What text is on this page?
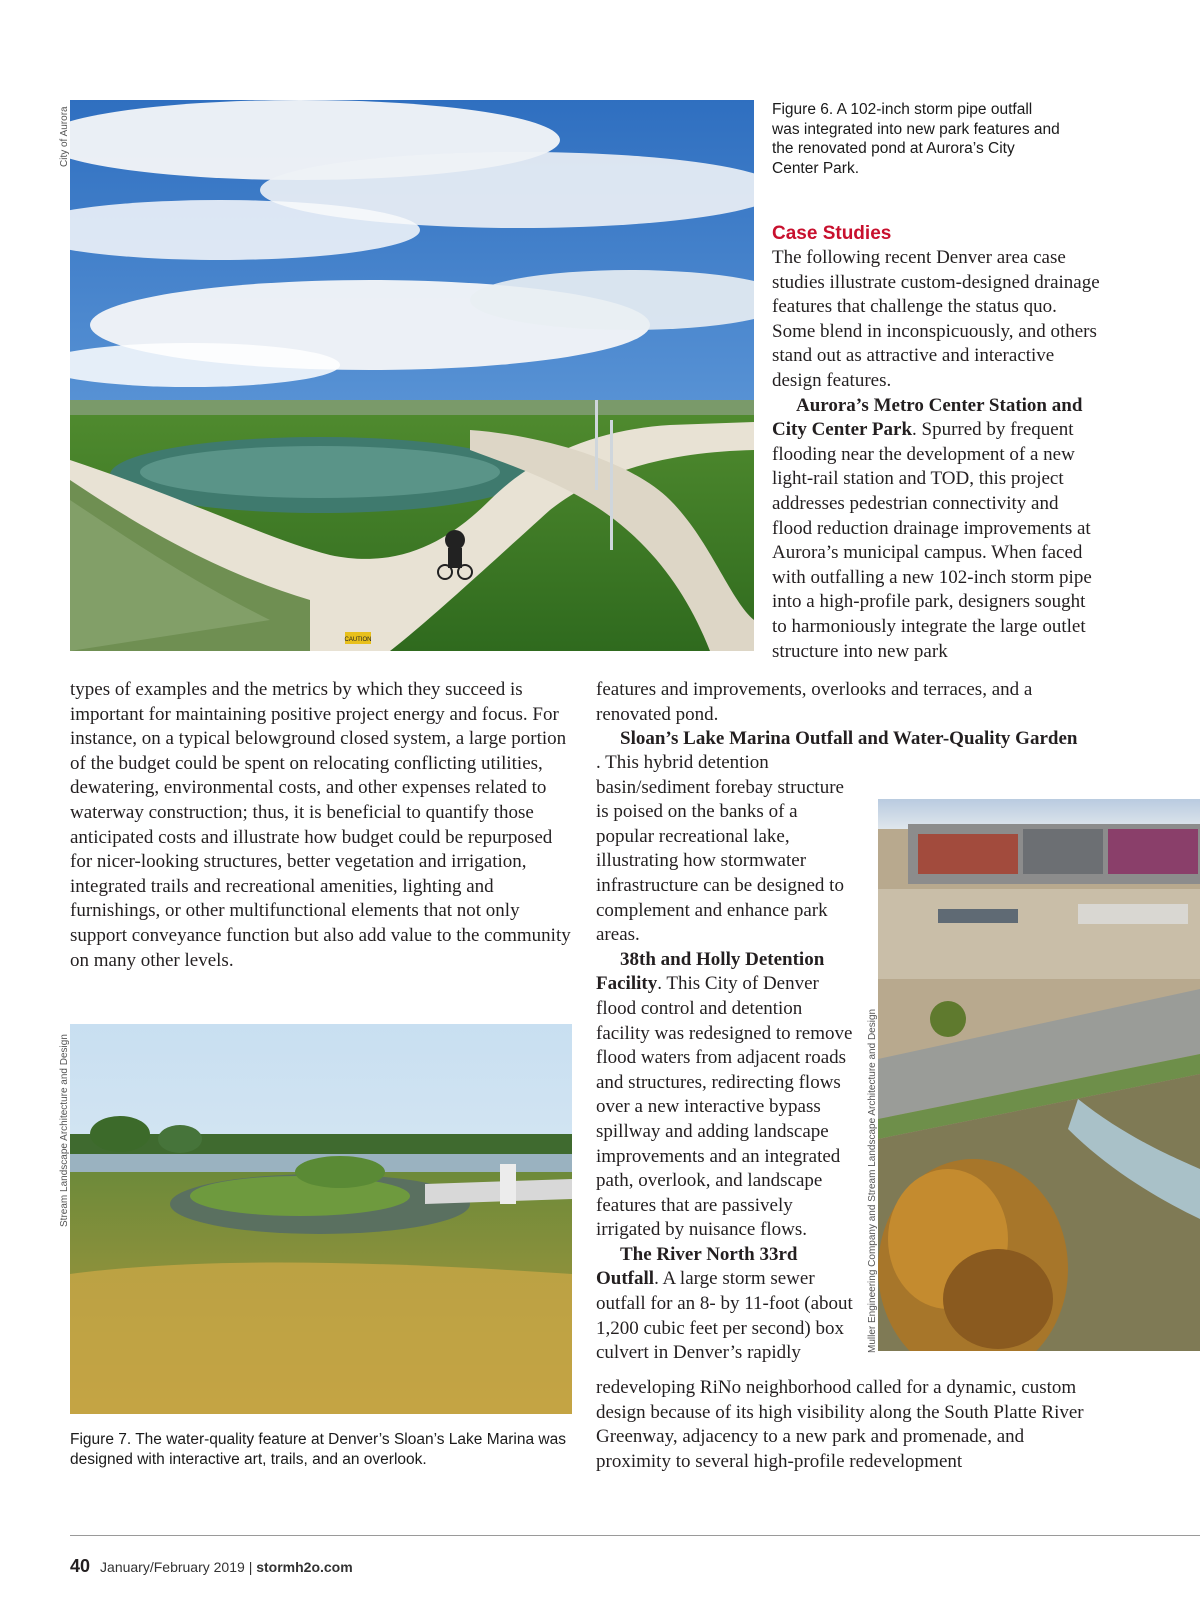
City of Aurora
Stream Landscape Architecture and Design	Muller Engineering Company and Stream Landscape Architecture and Design
CAUTION
Figure 6. A 102-inch storm pipe outfall was integrated into new park features and the renovated pond at Aurora’s City Center Park.
Case Studies

The following recent Denver area case studies illustrate custom-designed drainage features that challenge the status quo. Some blend in inconspicuously, and others stand out as attractive and interactive design features.

Aurora’s Metro Center Station and City Center Park. Spurred by frequent flooding near the development of a new light-rail station and TOD, this project addresses pedestrian connectivity and flood reduction drainage improvements at Aurora’s municipal campus. When faced with outfalling a new 102-inch storm pipe into a high-profile park, designers sought to harmoniously integrate the large outlet structure into new park

types of examples and the metrics by which they succeed is important for maintaining positive project energy and focus. For instance, on a typical belowground closed system, a large portion of the budget could be spent on relocating conflicting utilities, dewatering, environmental costs, and other expenses related to waterway construction; thus, it is beneficial to quantify those anticipated costs and illustrate how budget could be repurposed for nicer-looking structures, better vegetation and irrigation, integrated trails and recreational amenities, lighting and furnishings, or other multifunctional elements that not only support conveyance function but also add value to the community on many other levels.

features and improvements, overlooks and terraces, and a renovated pond.

Sloan’s Lake Marina Outfall and Water-Quality Garden

. This hybrid detention basin/sediment forebay structure is poised on the banks of a popular recreational lake, illustrating how stormwater infrastructure can be designed to complement and enhance park areas.

38th and Holly Detention Facility. This City of Denver flood control and detention facility was redesigned to remove flood waters from adjacent roads and structures, redirecting flows over a new interactive bypass spillway and adding landscape improvements and an integrated path, overlook, and landscape features that are passively irrigated by nuisance flows.

The River North 33rd Outfall. A large storm sewer outfall for an 8- by 11-foot (about 1,200 cubic feet per second) box culvert in Denver’s rapidly

redeveloping RiNo neighborhood called for a dynamic, custom design because of its high visibility along the South Platte River Greenway, adjacency to a new park and promenade, and proximity to several high-profile redevelopment

Figure 7. The water-quality feature at Denver’s Sloan’s Lake Marina was designed with interactive art, trails, and an overlook.
40 January/February 2019 | stormh2o.com
